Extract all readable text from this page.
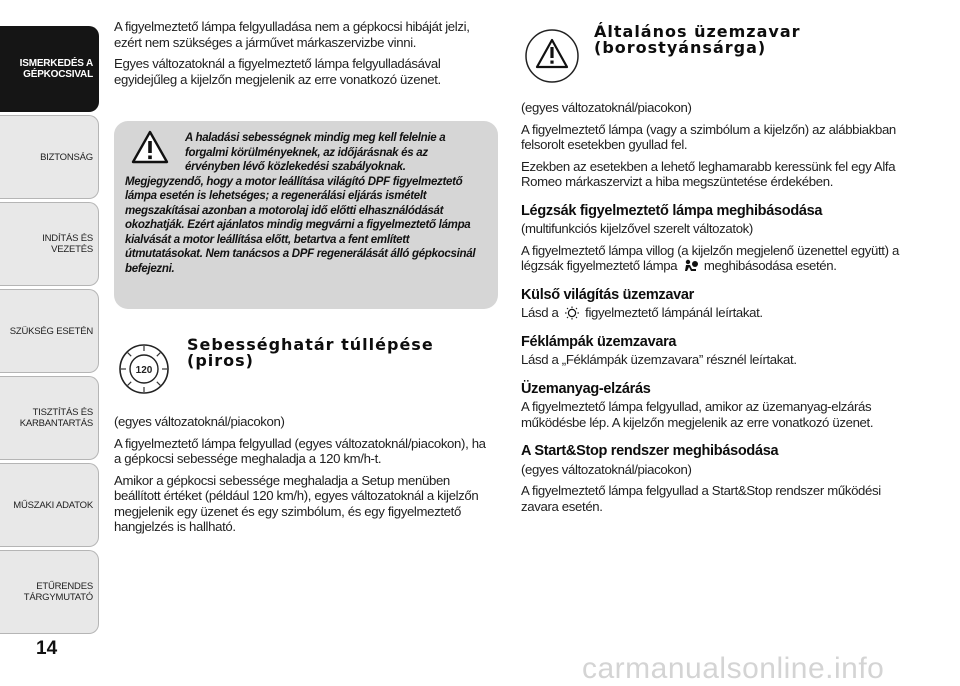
ISMERKEDÉS A
GÉPKOCSIVAL
BIZTONSÁG
INDÍTÁS ÉS VEZETÉS
SZÜKSÉG ESETÉN
TISZTÍTÁS ÉS
KARBANTARTÁS
MŰSZAKI ADATOK
ETŰRENDES
TÁRGYMUTATÓ
14

A figyelmeztető lámpa felgyulladása nem a gépkocsi hibáját jelzi, ezért nem szükséges a járművet márkaszervizbe vinni.

Egyes változatoknál a figyelmeztető lámpa felgyulladásával egyidejűleg a kijelzőn megjelenik az erre vonatkozó üzenet.

A haladási sebességnek mindig meg kell felelnie a forgalmi körülményeknek, az időjárásnak és az érvényben lévő közlekedési szabályoknak.
Megjegyzendő, hogy a motor leállítása világító DPF figyelmeztető lámpa esetén is lehetséges; a regenerálási eljárás ismételt megszakításai azonban a motorolaj idő előtti elhasználódását okozhatják. Ezért ajánlatos mindig megvárni a figyelmeztető lámpa kialvását a motor leállítása előtt, betartva a fent említett útmutatásokat. Nem tanácsos a DPF regenerálását álló gépkocsinál befejezni.
120
Sebességhatár túllépése
(piros)

(egyes változatoknál/piacokon)

A figyelmeztető lámpa felgyullad (egyes változatoknál/piacokon), ha a gépkocsi sebessége meghaladja a 120 km/h-t.

Amikor a gépkocsi sebessége meghaladja a Setup menüben beállított értéket (például 120 km/h), egyes változatoknál a kijelzőn megjelenik egy üzenet és egy szimbólum, és egy figyelmeztető hangjelzés is hallható.

Általános üzemzavar
(borostyánsárga)

(egyes változatoknál/piacokon)

A figyelmeztető lámpa (vagy a szimbólum a kijelzőn) az alábbiakban felsorolt esetekben gyullad fel.

Ezekben az esetekben a lehető leghamarabb keressünk fel egy Alfa Romeo márkaszervizt a hiba megszüntetése érdekében.

Légzsák figyelmeztető lámpa meghibásodása

(multifunkciós kijelzővel szerelt változatok)

A figyelmeztető lámpa villog (a kijelzőn megjelenő üzenettel együtt) a légzsák figyelmeztető lámpa meghibásodása esetén.

Külső világítás üzemzavar

Lásd a figyelmeztető lámpánál leírtakat.

Féklámpák üzemzavara

Lásd a „Féklámpák üzemzavara” résznél leírtakat.

Üzemanyag-elzárás

A figyelmeztető lámpa felgyullad, amikor az üzemanyag-elzárás működésbe lép. A kijelzőn megjelenik az erre vonatkozó üzenet.

A Start&Stop rendszer meghibásodása

(egyes változatoknál/piacokon)

A figyelmeztető lámpa felgyullad a Start&Stop rendszer működési zavara esetén.

carmanualsonline.info
